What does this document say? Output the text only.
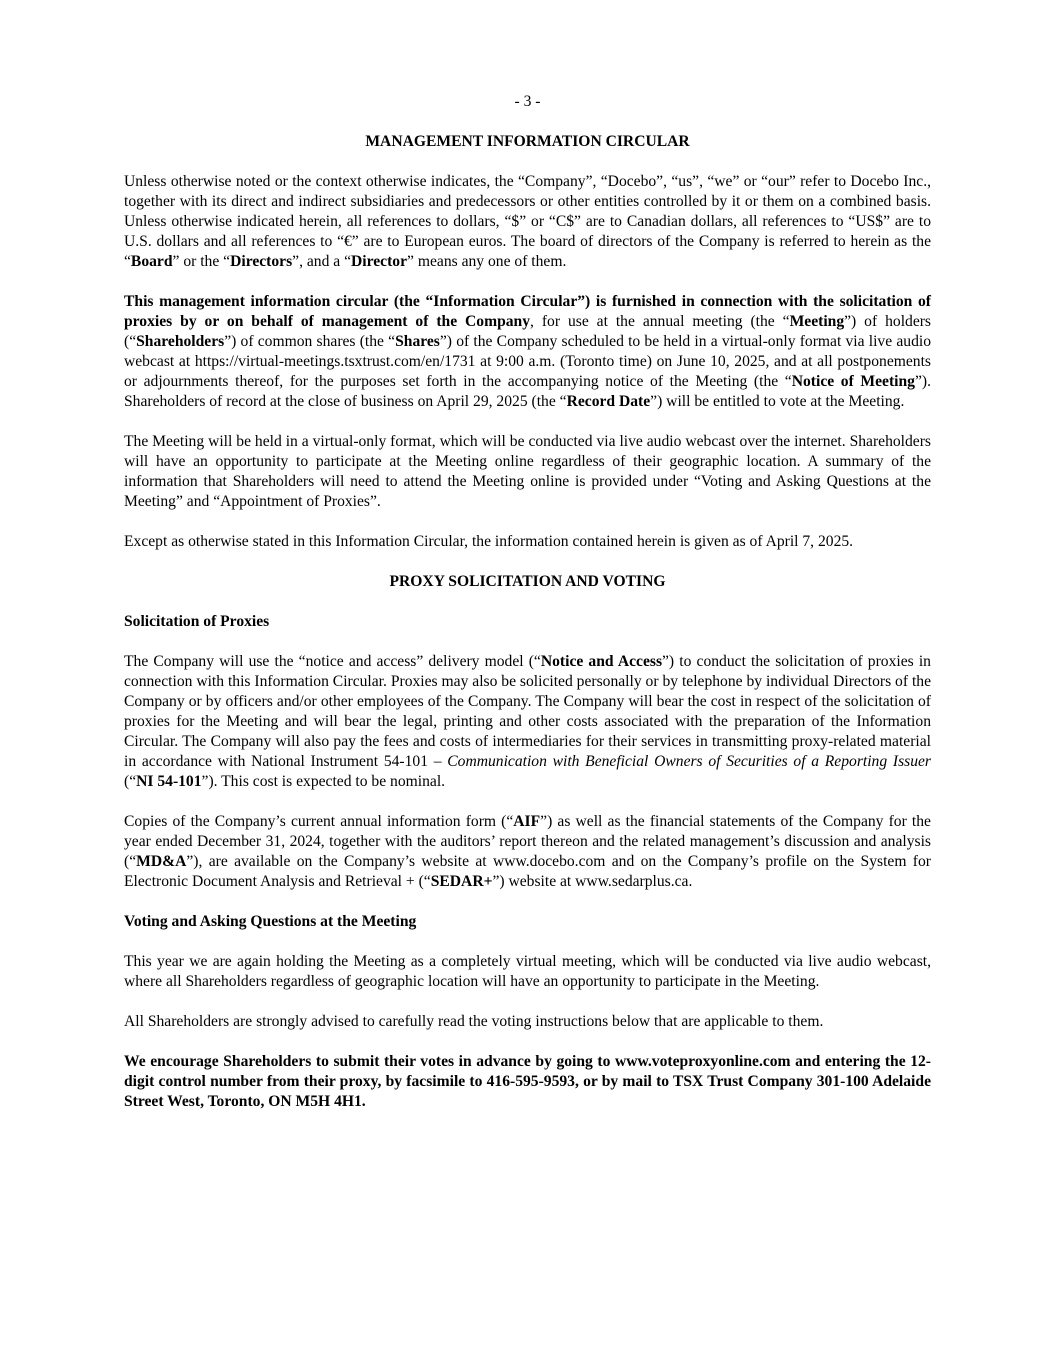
- 3 -
MANAGEMENT INFORMATION CIRCULAR

Unless otherwise noted or the context otherwise indicates, the “Company”, “Docebo”, “us”, “we” or “our” refer to Docebo Inc., together with its direct and indirect subsidiaries and predecessors or other entities controlled by it or them on a combined basis. Unless otherwise indicated herein, all references to dollars, “$” or “C$” are to Canadian dollars, all references to “US$” are to U.S. dollars and all references to “€” are to European euros. The board of directors of the Company is referred to herein as the “Board” or the “Directors”, and a “Director” means any one of them.

This management information circular (the “Information Circular”) is furnished in connection with the solicitation of proxies by or on behalf of management of the Company, for use at the annual meeting (the “Meeting”) of holders (“Shareholders”) of common shares (the “Shares”) of the Company scheduled to be held in a virtual-only format via live audio webcast at https://virtual-meetings.tsxtrust.com/en/1731 at 9:00 a.m. (Toronto time) on June 10, 2025, and at all postponements or adjournments thereof, for the purposes set forth in the accompanying notice of the Meeting (the “Notice of Meeting”). Shareholders of record at the close of business on April 29, 2025 (the “Record Date”) will be entitled to vote at the Meeting.

The Meeting will be held in a virtual-only format, which will be conducted via live audio webcast over the internet. Shareholders will have an opportunity to participate at the Meeting online regardless of their geographic location. A summary of the information that Shareholders will need to attend the Meeting online is provided under “Voting and Asking Questions at the Meeting” and “Appointment of Proxies”.

Except as otherwise stated in this Information Circular, the information contained herein is given as of April 7, 2025.

PROXY SOLICITATION AND VOTING
Solicitation of Proxies

The Company will use the “notice and access” delivery model (“Notice and Access”) to conduct the solicitation of proxies in connection with this Information Circular. Proxies may also be solicited personally or by telephone by individual Directors of the Company or by officers and/or other employees of the Company. The Company will bear the cost in respect of the solicitation of proxies for the Meeting and will bear the legal, printing and other costs associated with the preparation of the Information Circular. The Company will also pay the fees and costs of intermediaries for their services in transmitting proxy-related material in accordance with National Instrument 54-101 – Communication with Beneficial Owners of Securities of a Reporting Issuer (“NI 54-101”). This cost is expected to be nominal.

Copies of the Company’s current annual information form (“AIF”) as well as the financial statements of the Company for the year ended December 31, 2024, together with the auditors’ report thereon and the related management’s discussion and analysis (“MD&A”), are available on the Company’s website at www.docebo.com and on the Company’s profile on the System for Electronic Document Analysis and Retrieval + (“SEDAR+”) website at www.sedarplus.ca.

Voting and Asking Questions at the Meeting

This year we are again holding the Meeting as a completely virtual meeting, which will be conducted via live audio webcast, where all Shareholders regardless of geographic location will have an opportunity to participate in the Meeting.

All Shareholders are strongly advised to carefully read the voting instructions below that are applicable to them.

We encourage Shareholders to submit their votes in advance by going to www.voteproxyonline.com and entering the 12-digit control number from their proxy, by facsimile to 416-595-9593, or by mail to TSX Trust Company 301-100 Adelaide Street West, Toronto, ON M5H 4H1.
